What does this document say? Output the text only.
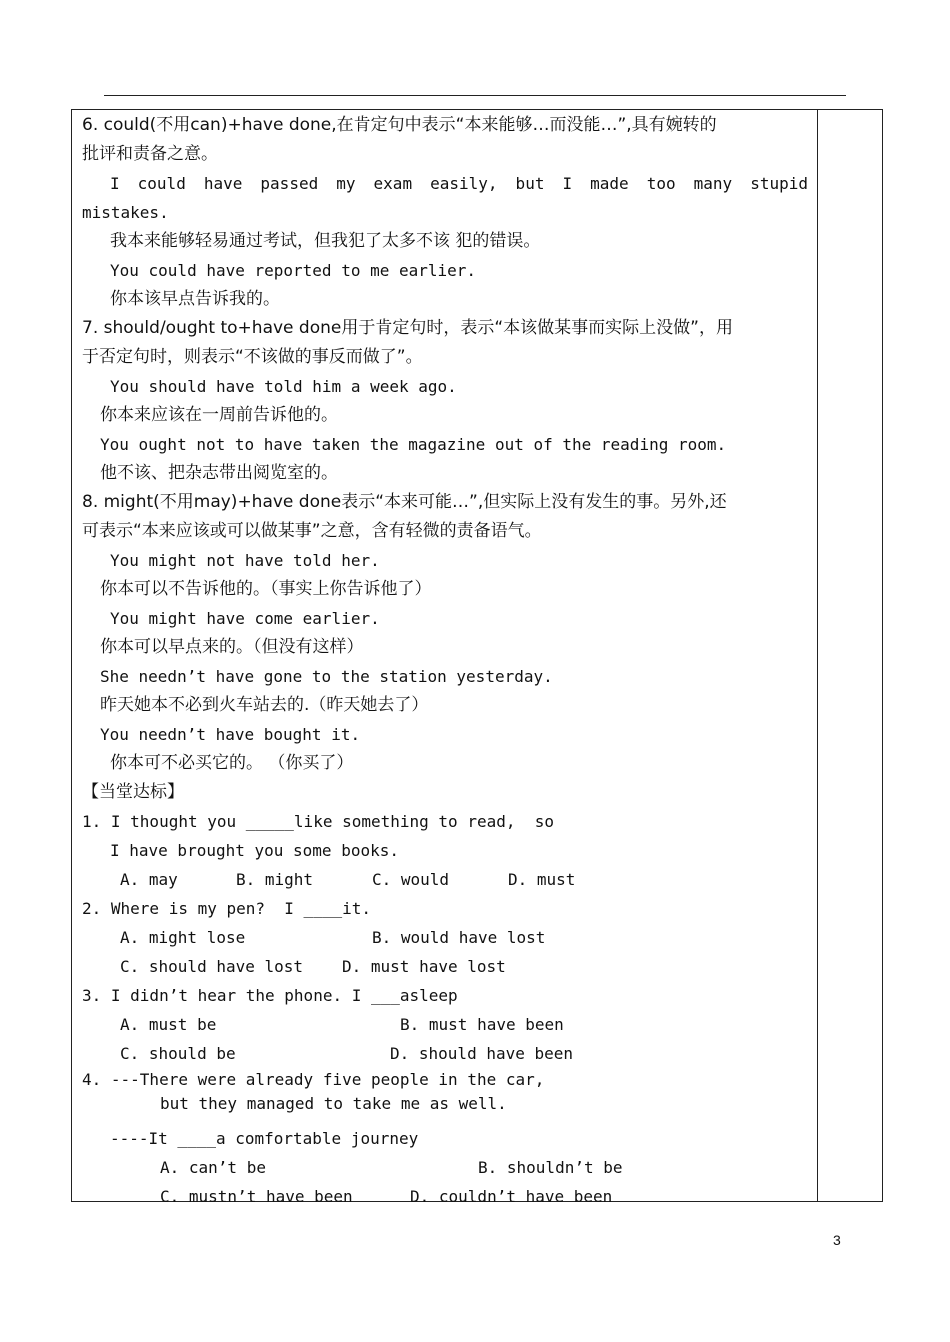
6. could(不用can)+have done,在肯定句中表示“本来能够…而没能…”,具有婉转的

批评和责备之意。

I could have passed my exam easily, but I made too many stupid

mistakes.

我本来能够轻易通过考试，但我犯了太多不该 犯的错误。

You could have reported to me earlier.

你本该早点告诉我的。

7. should/ought to+have done用于肯定句时，表示“本该做某事而实际上没做”，用

于否定句时，则表示“不该做的事反而做了”。

You should have told him a week ago.

你本来应该在一周前告诉他的。

You ought not to have taken the magazine out of the reading room.

他不该、把杂志带出阅览室的。

8. might(不用may)+have done表示“本来可能…”,但实际上没有发生的事。另外,还

可表示“本来应该或可以做某事”之意，含有轻微的责备语气。

You might not have told her.

你本可以不告诉他的。（事实上你告诉他了）

You might have come earlier.

你本可以早点来的。（但没有这样）

She needn’t have gone to the station yesterday.

昨天她本不必到火车站去的.（昨天她去了）

You needn’t have bought it.

你本可不必买它的。 （你买了）

【当堂达标】

1. I thought you _____like something to read,  so

I have brought you some books.

A. may	B. might	C. would	D. must

2. Where is my pen?  I ____it.

A. might lose	B. would have lost

C. should have lost	D. must have lost

3. I didn’t hear the phone. I ___asleep

A. must be	B. must have been

C. should be	D. should have been

4. ---There were already five people in the car,

but they managed to take me as well.

----It ____a comfortable journey

A. can’t be	B. shouldn’t be

C. mustn’t have been	D. couldn’t have been

3
